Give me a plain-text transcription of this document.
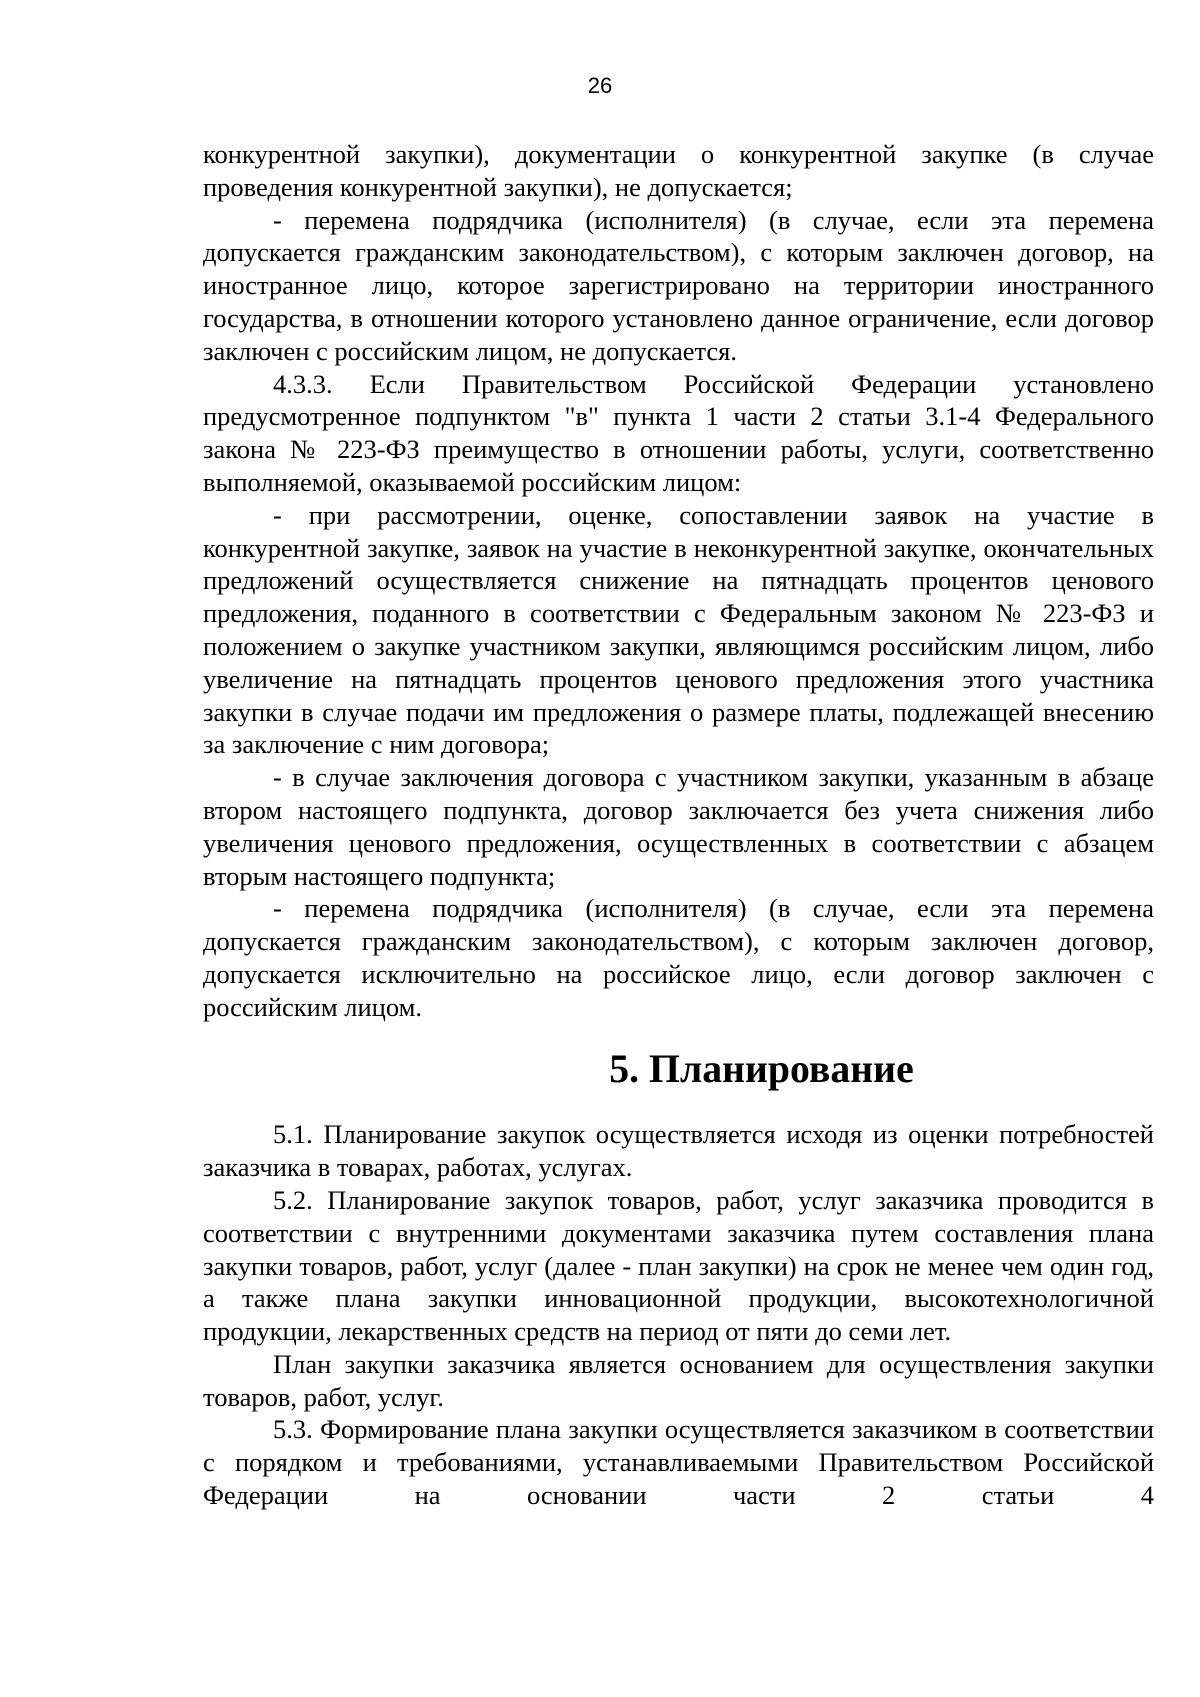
26

конкурентной закупки), документации о конкурентной закупке (в случае проведения конкурентной закупки), не допускается;

- перемена подрядчика (исполнителя) (в случае, если эта перемена допускается гражданским законодательством), с которым заключен договор, на иностранное лицо, которое зарегистрировано на территории иностранного государства, в отношении которого установлено данное ограничение, если договор заключен с российским лицом, не допускается.

4.3.3. Если Правительством Российской Федерации установлено предусмотренное подпунктом "в" пункта 1 части 2 статьи 3.1-4 Федерального закона № 223-ФЗ преимущество в отношении работы, услуги, соответственно выполняемой, оказываемой российским лицом:

- при рассмотрении, оценке, сопоставлении заявок на участие в конкурентной закупке, заявок на участие в неконкурентной закупке, окончательных предложений осуществляется снижение на пятнадцать процентов ценового предложения, поданного в соответствии с Федеральным законом № 223-ФЗ и положением о закупке участником закупки, являющимся российским лицом, либо увеличение на пятнадцать процентов ценового предложения этого участника закупки в случае подачи им предложения о размере платы, подлежащей внесению за заключение с ним договора;

- в случае заключения договора с участником закупки, указанным в абзаце втором настоящего подпункта, договор заключается без учета снижения либо увеличения ценового предложения, осуществленных в соответствии с абзацем вторым настоящего подпункта;

- перемена подрядчика (исполнителя) (в случае, если эта перемена допускается гражданским законодательством), с которым заключен договор, допускается исключительно на российское лицо, если договор заключен с российским лицом.

5. Планирование

5.1. Планирование закупок осуществляется исходя из оценки потребностей заказчика в товарах, работах, услугах.

5.2. Планирование закупок товаров, работ, услуг заказчика проводится в соответствии с внутренними документами заказчика путем составления плана закупки товаров, работ, услуг (далее - план закупки) на срок не менее чем один год, а также плана закупки инновационной продукции, высокотехнологичной продукции, лекарственных средств на период от пяти до семи лет.

План закупки заказчика является основанием для осуществления закупки товаров, работ, услуг.

5.3. Формирование плана закупки осуществляется заказчиком в соответствии с порядком и требованиями, устанавливаемыми Правительством Российской Федерации на основании части 2 статьи 4
